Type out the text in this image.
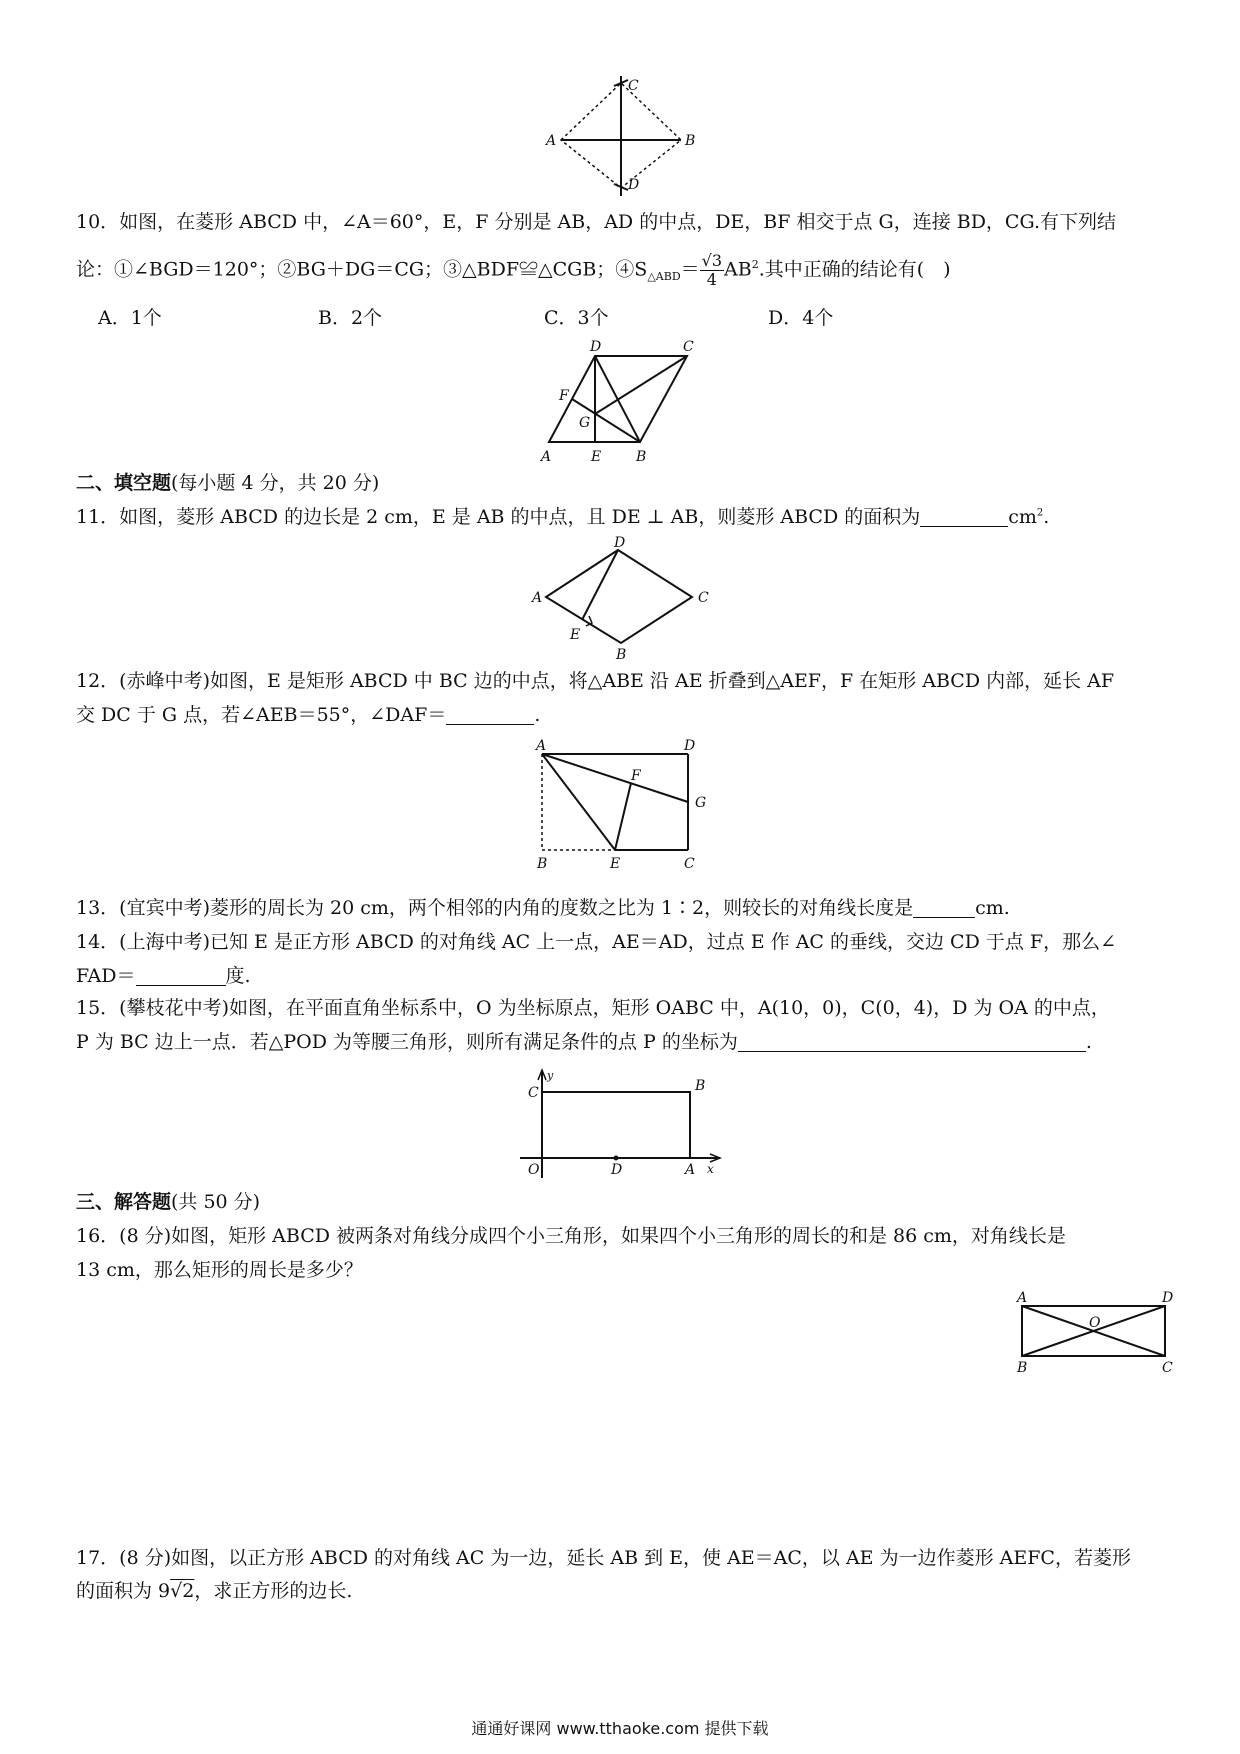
A	B
C
D
10．如图，在菱形 ABCD 中，∠A＝60°，E，F 分别是 AB，AD 的中点，DE，BF 相交于点 G，连接 BD，CG.有下列结
论：①∠BGD＝120°；②BG＋DG＝CG；③△BDF≌△CGB；$④S_{\triangle ABD}= \frac{√3}{4} AB^2$.其中正确的结论有(　)
A．1个	B．2个	C．3个	D．4个
A	E B
C
D
F
G
二、填空题(每小题 4 分，共 20 分)
11．如图，菱形 ABCD 的边长是 2 cm，E 是 AB 的中点，且 DE ⊥ AB，则菱形 ABCD 的面积为	$cm^2$.
A
B
C
D
E
12．(赤峰中考)如图，E 是矩形 ABCD 中 BC 边的中点，将△ABE 沿 AE 折叠到△AEF，F 在矩形 ABCD 内部，延长 AF
交 DC 于 G 点，若∠AEB＝55°，∠DAF＝	.
A	D
B	E	C
F
G
13．(宜宾中考)菱形的周长为 20 cm，两个相邻的内角的度数之比为 1∶2，则较长的对角线长度是	cm.
14．(上海中考)已知 E 是正方形 ABCD 的对角线 AC 上一点，AE＝AD，过点 E 作 AC 的垂线，交边 CD 于点 F，那么∠
FAD＝	度.
15．(攀枝花中考)如图，在平面直角坐标系中，O 为坐标原点，矩形 OABC 中，A(10，0)，C(0，4)，D 为 OA 的中点，
P 为 BC 边上一点．若△POD 为等腰三角形，则所有满足条件的点 P 的坐标为	.
y
C	B
O	D	A x
三、解答题(共 50 分)
16．(8 分)如图，矩形 ABCD 被两条对角线分成四个小三角形，如果四个小三角形的周长的和是 86 cm，对角线长是
13 cm，那么矩形的周长是多少？
A	D
O
B	C
17．(8 分)如图，以正方形 ABCD 的对角线 AC 为一边，延长 AB 到 E，使 AE＝AC，以 AE 为一边作菱形 AEFC，若菱形
的面积为 9√2，求正方形的边长.
通通好课网 www.tthaoke.com 提供下载
